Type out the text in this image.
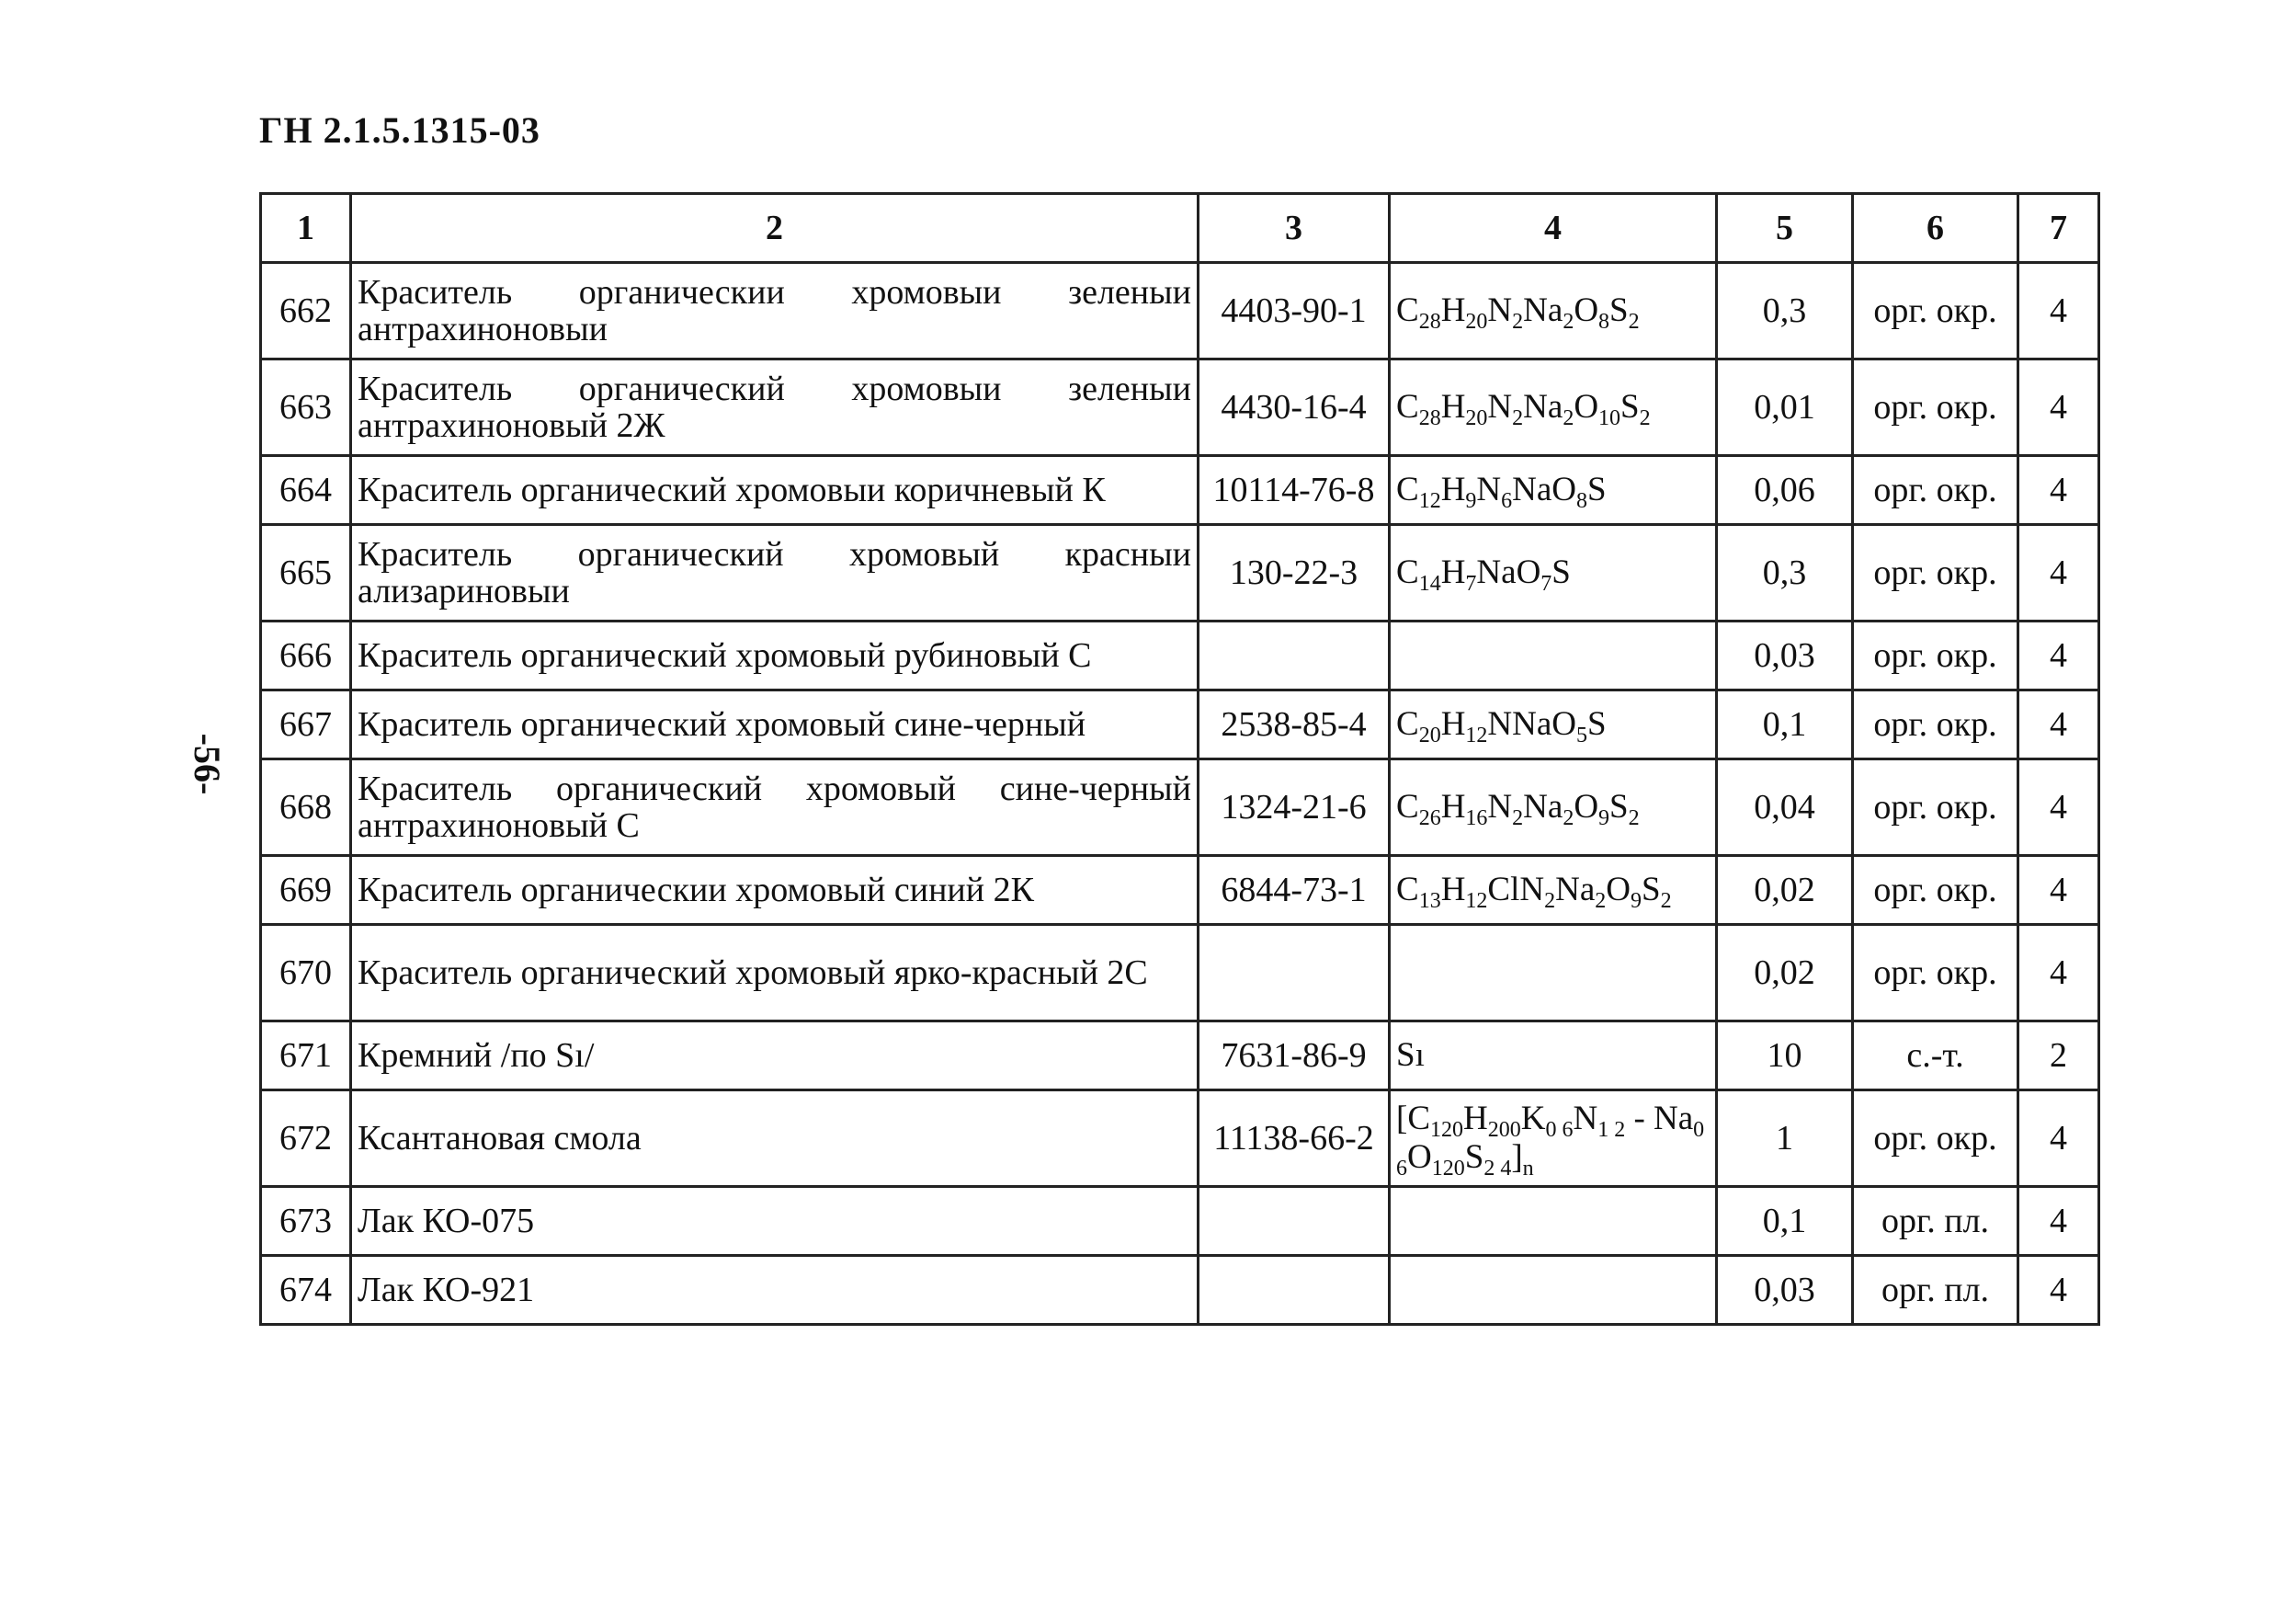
ГН 2.1.5.1315-03
-56-
1	2	3	4	5	6	7
662	Краситель органическии хромовыи зеленыи антрахиноновыи	4403-90-1	$C_{28}H_{20}N_2Na_2O_8S_2$	0,3	орг. окр.	4
663	Краситель органический хромовыи зеленыи антрахиноновый 2Ж	4430-16-4	$C_{28}H_{20}N_2Na_2O_{10}S_2$	0,01	орг. окр.	4
664	Краситель органический хромовыи коричневый К	10114-76-8	$C_{12}H_9N_6NaO_8S$	0,06	орг. окр.	4
665	Краситель органический хромовый красныи ализариновыи	130-22-3	$C_{14}H_7NaO_7S$	0,3	орг. окр.	4
666	Краситель органический хромовый рубиновый С			0,03	орг. окр.	4
667	Краситель органический хромовый сине-черный	2538-85-4	$C_{20}H_{12}NNaO_5S$	0,1	орг. окр.	4
668	Краситель органический хромовый сине-черный антрахиноновый С	1324-21-6	$C_{26}H_{16}N_2Na_2O_9S_2$	0,04	орг. окр.	4
669	Краситель органическии хромовый синий 2К	6844-73-1	$C_{13}H_{12}ClN_2Na_2O_9S_2$	0,02	орг. окр.	4
670	Краситель органический хромовый ярко-красный 2С			0,02	орг. окр.	4
671	Кремний /по Sı/	7631-86-9	Sı	10	с.-т.	2
672	Ксантановая смола	11138-66-2	$[C_{120}H_{200}K_{0 6}N_{1 2} - Na_{0 6}O_{120}S_{2 4}]_n$	1	орг. окр.	4
673	Лак КО-075			0,1	орг. пл.	4
674	Лак КО-921			0,03	орг. пл.	4
